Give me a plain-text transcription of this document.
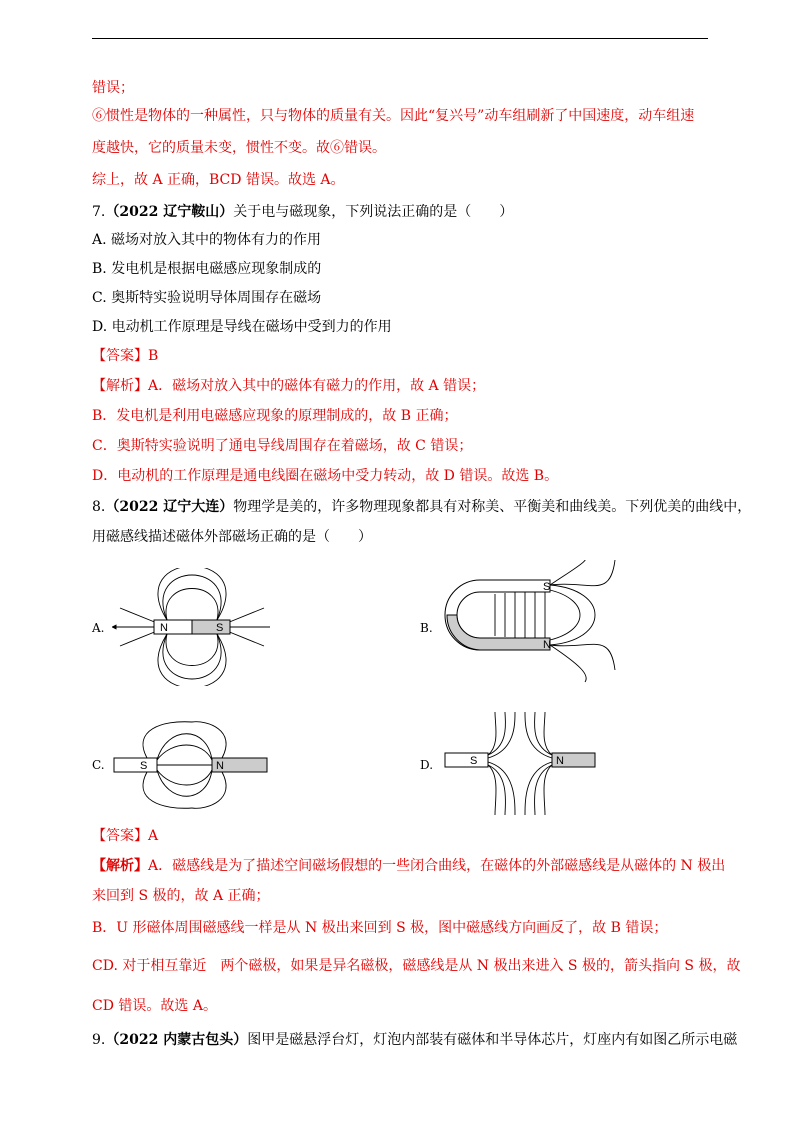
错误；
⑥惯性是物体的一种属性，只与物体的质量有关。因此“复兴号”动车组刷新了中国速度，动车组速
度越快，它的质量未变，惯性不变。故⑥错误。
综上，故 A 正确，BCD 错误。故选 A。
7.（2022 辽宁鞍山）关于电与磁现象，下列说法正确的是（　　）
A. 磁场对放入其中的物体有力的作用
B. 发电机是根据电磁感应现象制成的
C. 奥斯特实验说明导体周围存在磁场
D. 电动机工作原理是导线在磁场中受到力的作用
【答案】B
【解析】A．磁场对放入其中的磁体有磁力的作用，故 A 错误；
B．发电机是利用电磁感应现象的原理制成的，故 B 正确；
C．奥斯特实验说明了通电导线周围存在着磁场，故 C 错误；
D．电动机的工作原理是通电线圈在磁场中受力转动，故 D 错误。故选 B。
8.（2022 辽宁大连）物理学是美的，许多物理现象都具有对称美、平衡美和曲线美。下列优美的曲线中，
用磁感线描述磁体外部磁场正确的是（　　）
A.	N	S	B.
S
N
C.	S	N	D.	S	N
【答案】A
【解析】A．磁感线是为了描述空间磁场假想的一些闭合曲线，在磁体的外部磁感线是从磁体的 N 极出
来回到 S 极的，故 A 正确；
B．U 形磁体周围磁感线一样是从 N 极出来回到 S 极，图中磁感线方向画反了，故 B 错误；
CD. 对于相互靠近　两个磁极，如果是异名磁极，磁感线是从 N 极出来进入 S 极的，箭头指向 S 极，故
CD 错误。故选 A。
9.（2022 内蒙古包头）图甲是磁悬浮台灯，灯泡内部装有磁体和半导体芯片，灯座内有如图乙所示电磁
